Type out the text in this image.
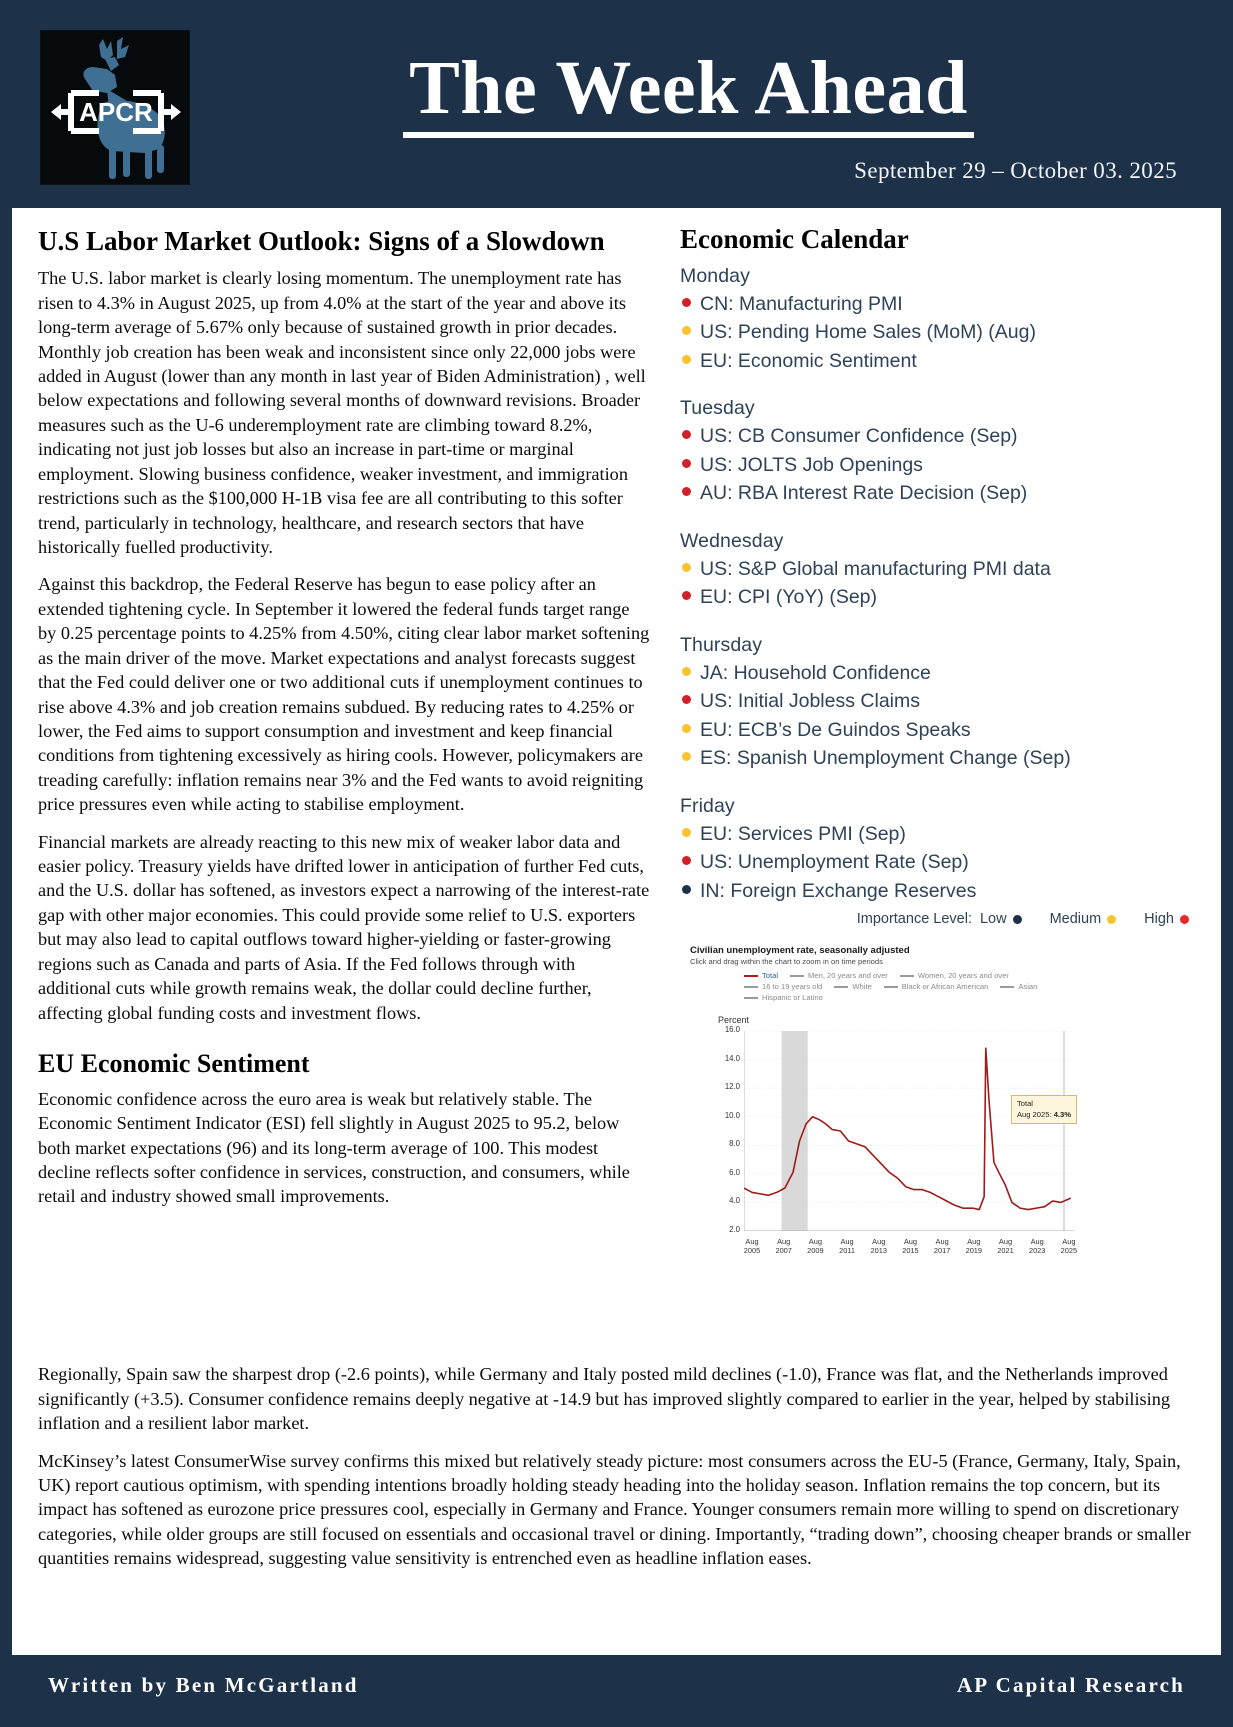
APCR	The Week Ahead
September 29 – October 03. 2025
U.S Labor Market Outlook: Signs of a Slowdown

The U.S. labor market is clearly losing momentum. The unemployment rate has risen to 4.3% in August 2025, up from 4.0% at the start of the year and above its long-term average of 5.67% only because of sustained growth in prior decades. Monthly job creation has been weak and inconsistent since only 22,000 jobs were added in August (lower than any month in last year of Biden Administration) , well below expectations and following several months of downward revisions. Broader measures such as the U-6 underemployment rate are climbing toward 8.2%, indicating not just job losses but also an increase in part-time or marginal employment. Slowing business confidence, weaker investment, and immigration restrictions such as the $100,000 H-1B visa fee are all contributing to this softer trend, particularly in technology, healthcare, and research sectors that have historically fuelled productivity.

Against this backdrop, the Federal Reserve has begun to ease policy after an extended tightening cycle. In September it lowered the federal funds target range by 0.25 percentage points to 4.25% from 4.50%, citing clear labor market softening as the main driver of the move. Market expectations and analyst forecasts suggest that the Fed could deliver one or two additional cuts if unemployment continues to rise above 4.3% and job creation remains subdued. By reducing rates to 4.25% or lower, the Fed aims to support consumption and investment and keep financial conditions from tightening excessively as hiring cools. However, policymakers are treading carefully: inflation remains near 3% and the Fed wants to avoid reigniting price pressures even while acting to stabilise employment.

Financial markets are already reacting to this new mix of weaker labor data and easier policy. Treasury yields have drifted lower in anticipation of further Fed cuts, and the U.S. dollar has softened, as investors expect a narrowing of the interest-rate gap with other major economies. This could provide some relief to U.S. exporters but may also lead to capital outflows toward higher-yielding or faster-growing regions such as Canada and parts of Asia. If the Fed follows through with additional cuts while growth remains weak, the dollar could decline further, affecting global funding costs and investment flows.

EU Economic Sentiment

Economic confidence across the euro area is weak but relatively stable. The Economic Sentiment Indicator (ESI) fell slightly in August 2025 to 95.2, below both market expectations (96) and its long-term average of 100. This modest decline reflects softer confidence in services, construction, and consumers, while retail and industry showed small improvements.

Economic Calendar
Monday
CN: Manufacturing PMI
US: Pending Home Sales (MoM) (Aug)
EU: Economic Sentiment
Tuesday
US: CB Consumer Confidence (Sep)
US: JOLTS Job Openings
AU: RBA Interest Rate Decision (Sep)
Wednesday
US: S&P Global manufacturing PMI data
EU: CPI (YoY) (Sep)
Thursday
JA: Household Confidence
US: Initial Jobless Claims
EU: ECB’s De Guindos Speaks
ES: Spanish Unemployment Change (Sep)
Friday
EU: Services PMI (Sep)
US: Unemployment Rate (Sep)
IN: Foreign Exchange Reserves
Importance Level: Low	Medium	High
Civilian unemployment rate, seasonally adjusted
Click and drag within the chart to zoom in on time periods
Total	Men, 20 years and over	Women, 20 years and over
16 to 19 years old	White	Black or African American	Asian
Hispanic or Latino
Percent
16.0
14.0
12.0
10.0
8.0
6.0
4.0
2.0
Aug
2005
Aug
2007
Aug
2009
Aug
2011
Aug
2013
Aug
2015
Aug
2017
Aug
2019
Aug
2021
Aug
2023
Aug
2025
Total
Aug 2025: 4.3%

Regionally, Spain saw the sharpest drop (-2.6 points), while Germany and Italy posted mild declines (-1.0), France was flat, and the Netherlands improved significantly (+3.5). Consumer confidence remains deeply negative at -14.9 but has improved slightly compared to earlier in the year, helped by stabilising inflation and a resilient labor market.

McKinsey’s latest ConsumerWise survey confirms this mixed but relatively steady picture: most consumers across the EU-5 (France, Germany, Italy, Spain, UK) report cautious optimism, with spending intentions broadly holding steady heading into the holiday season. Inflation remains the top concern, but its impact has softened as eurozone price pressures cool, especially in Germany and France. Younger consumers remain more willing to spend on discretionary categories, while older groups are still focused on essentials and occasional travel or dining. Importantly, “trading down”, choosing cheaper brands or smaller quantities remains widespread, suggesting value sensitivity is entrenched even as headline inflation eases.

Written by Ben McGartland	AP Capital Research
